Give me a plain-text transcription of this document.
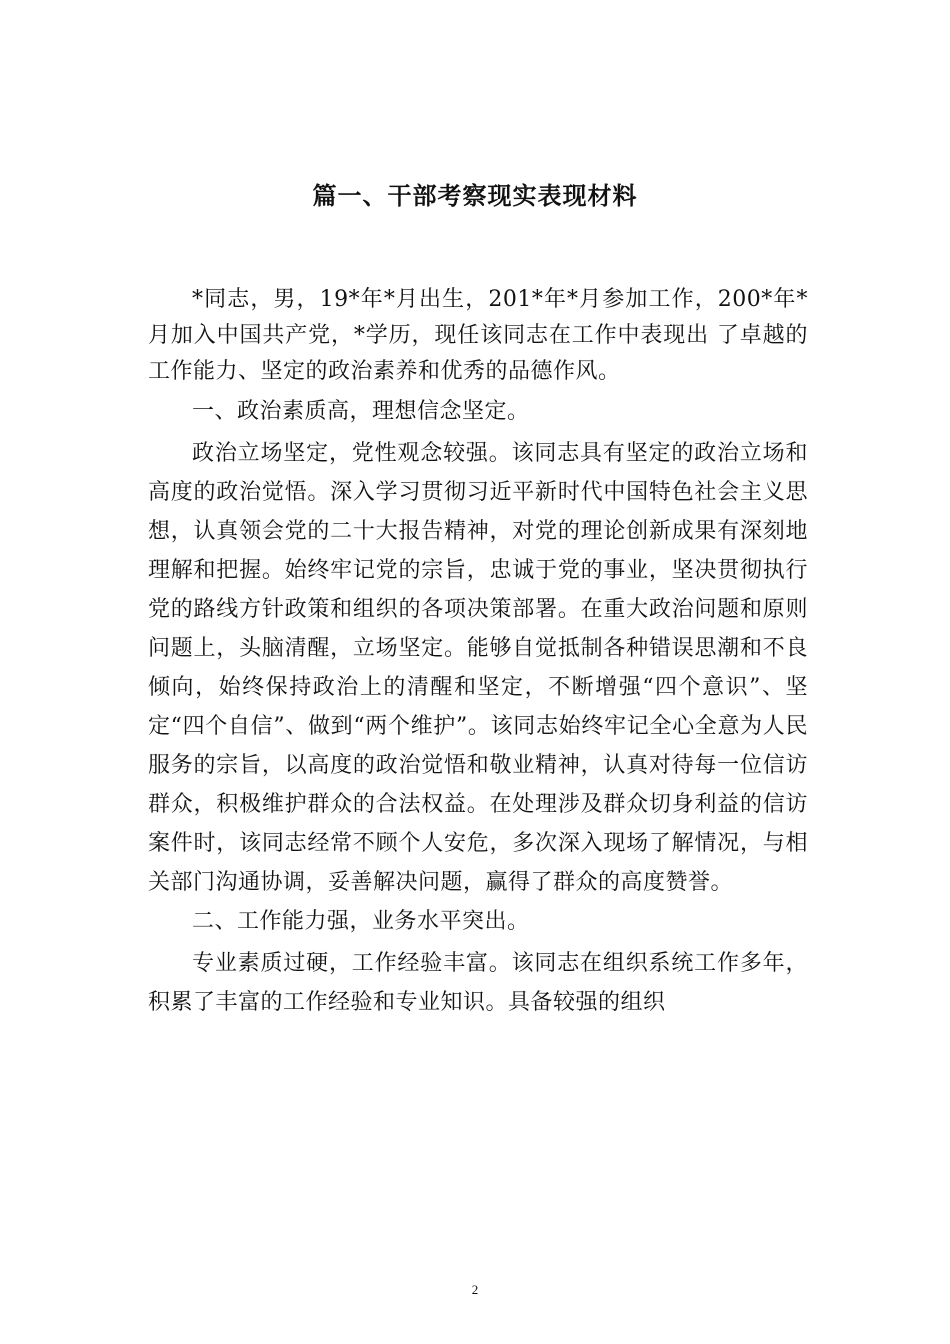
篇一、干部考察现实表现材料

*同志，男，19*年*月出生，201*年*月参加工作，200*年*月加入中国共产党，*学历，现任该同志在工作中表现出 了卓越的工作能力、坚定的政治素养和优秀的品德作风。

一、政治素质高，理想信念坚定。

政治立场坚定，党性观念较强。该同志具有坚定的政治立场和高度的政治觉悟。深入学习贯彻习近平新时代中国特色社会主义思想，认真领会党的二十大报告精神，对党的理论创新成果有深刻地理解和把握。始终牢记党的宗旨，忠诚于党的事业，坚决贯彻执行党的路线方针政策和组织的各项决策部署。在重大政治问题和原则问题上，头脑清醒，立场坚定。能够自觉抵制各种错误思潮和不良倾向，始终保持政治上的清醒和坚定，不断增强“四个意识”、坚定“四个自信”、做到“两个维护”。该同志始终牢记全心全意为人民服务的宗旨，以高度的政治觉悟和敬业精神，认真对待每一位信访群众，积极维护群众的合法权益。在处理涉及群众切身利益的信访案件时，该同志经常不顾个人安危，多次深入现场了解情况，与相关部门沟通协调，妥善解决问题，赢得了群众的高度赞誉。

二、工作能力强，业务水平突出。

专业素质过硬，工作经验丰富。该同志在组织系统工作多年，积累了丰富的工作经验和专业知识。具备较强的组织

2
